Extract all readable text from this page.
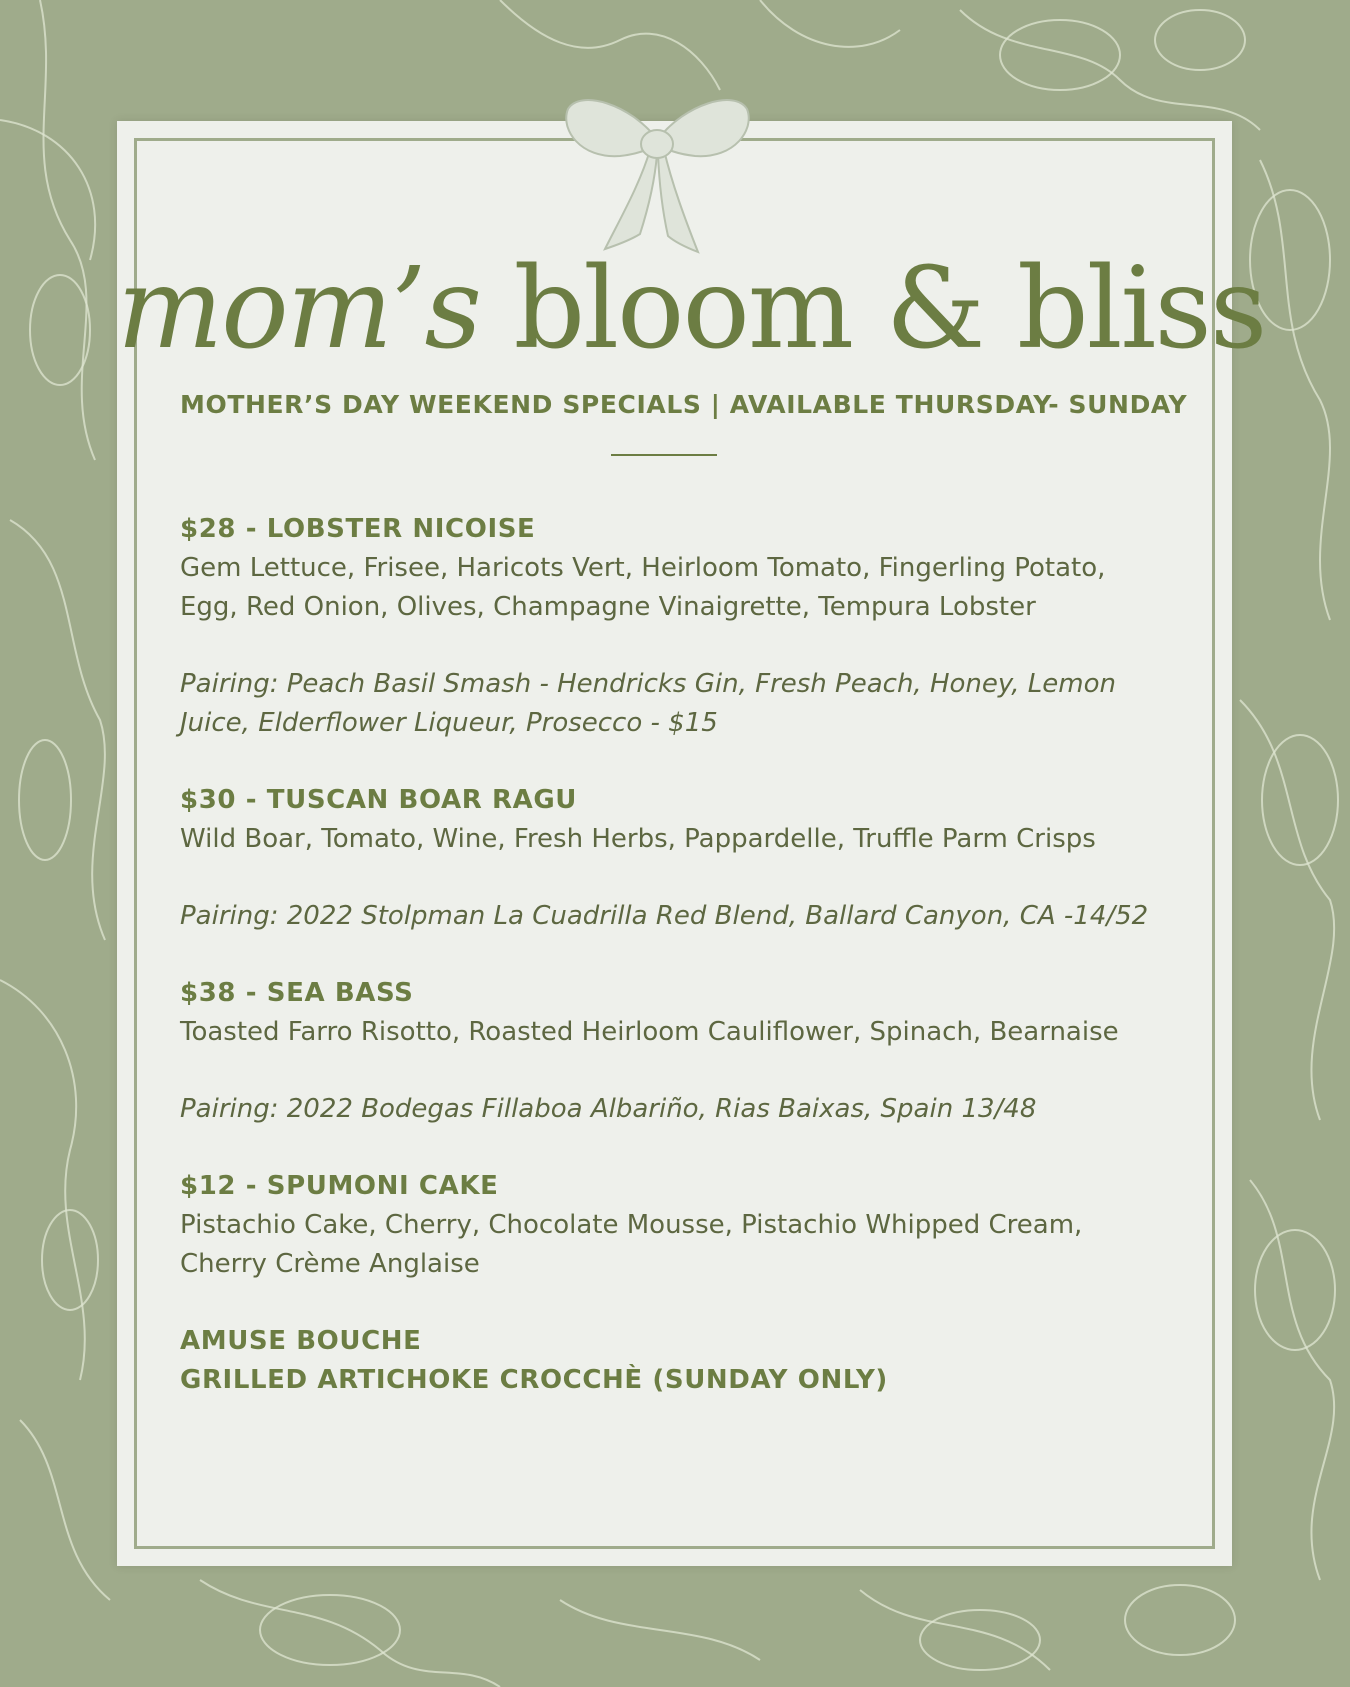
mom’s bloom & bliss
MOTHER’S DAY WEEKEND SPECIALS | AVAILABLE THURSDAY- SUNDAY
$28 - LOBSTER NICOISE

Gem Lettuce, Frisee, Haricots Vert, Heirloom Tomato, Fingerling Potato, Egg, Red Onion, Olives, Champagne Vinaigrette, Tempura Lobster

Pairing: Peach Basil Smash - Hendricks Gin, Fresh Peach, Honey, Lemon Juice, Elderflower Liqueur, Prosecco - $15

$30 - TUSCAN BOAR RAGU

Wild Boar, Tomato, Wine, Fresh Herbs, Pappardelle, Truffle Parm Crisps

Pairing: 2022 Stolpman La Cuadrilla Red Blend, Ballard Canyon, CA -14/52

$38 - SEA BASS

Toasted Farro Risotto, Roasted Heirloom Cauliflower, Spinach, Bearnaise

Pairing: 2022 Bodegas Fillaboa Albariño, Rias Baixas, Spain 13/48

$12 - SPUMONI CAKE

Pistachio Cake, Cherry, Chocolate Mousse, Pistachio Whipped Cream, Cherry Crème Anglaise

AMUSE BOUCHE
GRILLED ARTICHOKE CROCCHÈ (SUNDAY ONLY)
